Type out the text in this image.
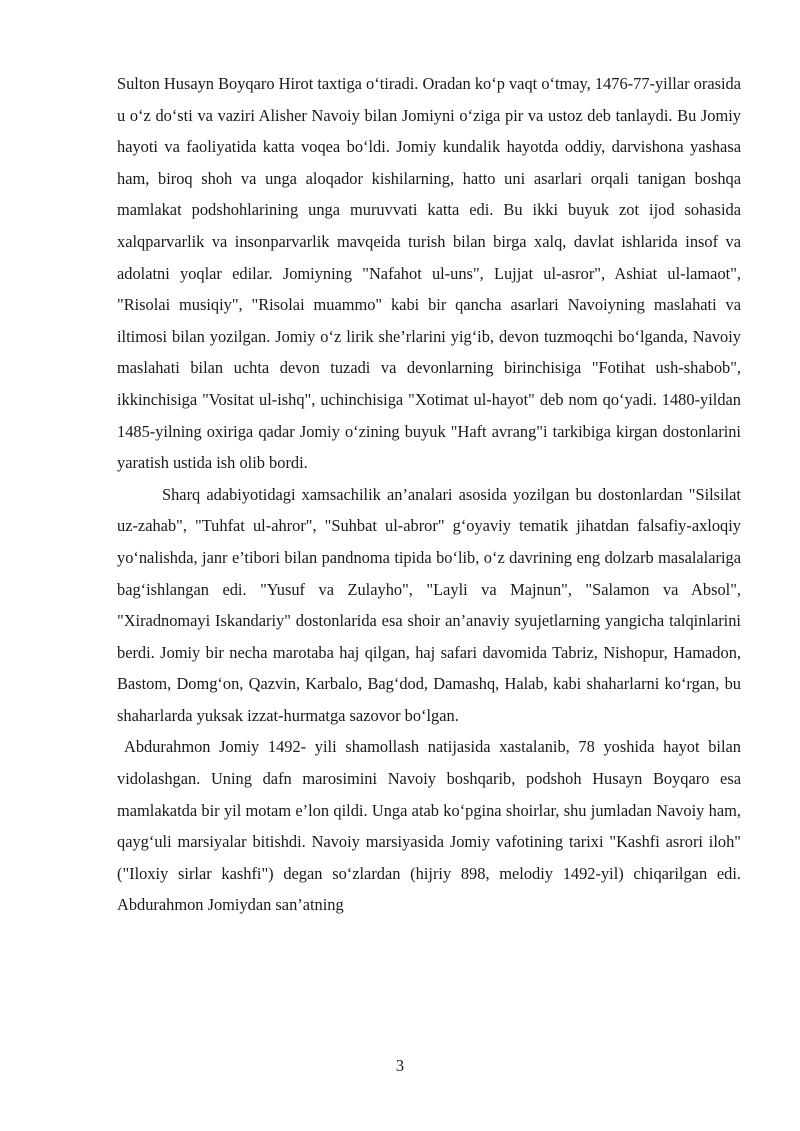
Sulton Husayn Boyqaro Hirot taxtiga o‘tiradi. Oradan ko‘p vaqt o‘tmay, 1476-77-yillar orasida u o‘z do‘sti va vaziri Alisher Navoiy bilan Jomiyni o‘ziga pir va ustoz deb tanlaydi. Bu Jomiy hayoti va faoliyatida katta voqea bo‘ldi. Jomiy kundalik hayotda oddiy, darvishona yashasa ham, biroq shoh va unga aloqador kishilarning, hatto uni asarlari orqali tanigan boshqa mamlakat podshohlarining unga muruvvati katta edi. Bu ikki buyuk zot ijod sohasida xalqparvarlik va insonparvarlik mavqeida turish bilan birga xalq, davlat ishlarida insof va adolatni yoqlar edilar. Jomiyning "Nafahot ul-uns", Lujjat ul-asror", Ashiat ul-lamaot", "Risolai musiqiy", "Risolai muammo" kabi bir qancha asarlari Navoiyning maslahati va iltimosi bilan yozilgan. Jomiy o‘z lirik she’rlarini yig‘ib, devon tuzmoqchi bo‘lganda, Navoiy maslahati bilan uchta devon tuzadi va devonlarning birinchisiga "Fotihat ush-shabob", ikkinchisiga "Vositat ul-ishq", uchinchisiga "Xotimat ul-hayot" deb nom qo‘yadi. 1480-yildan 1485-yilning oxiriga qadar Jomiy o‘zining buyuk "Haft avrang"i tarkibiga kirgan dostonlarini yaratish ustida ish olib bordi.

Sharq adabiyotidagi xamsachilik an’analari asosida yozilgan bu dostonlardan "Silsilat uz-zahab", "Tuhfat ul-ahror", "Suhbat ul-abror" g‘oyaviy tematik jihatdan falsafiy-axloqiy yo‘nalishda, janr e’tibori bilan pandnoma tipida bo‘lib, o‘z davrining eng dolzarb masalalariga bag‘ishlangan edi. "Yusuf va Zulayho", "Layli va Majnun", "Salamon va Absol", "Xiradnomayi Iskandariy" dostonlarida esa shoir an’anaviy syujetlarning yangicha talqinlarini berdi. Jomiy bir necha marotaba haj qilgan, haj safari davomida Tabriz, Nishopur, Hamadon, Bastom, Domg‘on, Qazvin, Karbalo, Bag‘dod, Damashq, Halab, kabi shaharlarni ko‘rgan, bu shaharlarda yuksak izzat-hurmatga sazovor bo‘lgan.

Abdurahmon Jomiy 1492- yili shamollash natijasida xastalanib, 78 yoshida hayot bilan vidolashgan. Uning dafn marosimini Navoiy boshqarib, podshoh Husayn Boyqaro esa mamlakatda bir yil motam e’lon qildi. Unga atab ko‘pgina shoirlar, shu jumladan Navoiy ham, qayg‘uli marsiyalar bitishdi. Navoiy marsiyasida Jomiy vafotining tarixi "Kashfi asrori iloh" ("Iloxiy sirlar kashfi") degan so‘zlardan (hijriy 898, melodiy 1492-yil) chiqarilgan edi. Abdurahmon Jomiydan san’atning

3
